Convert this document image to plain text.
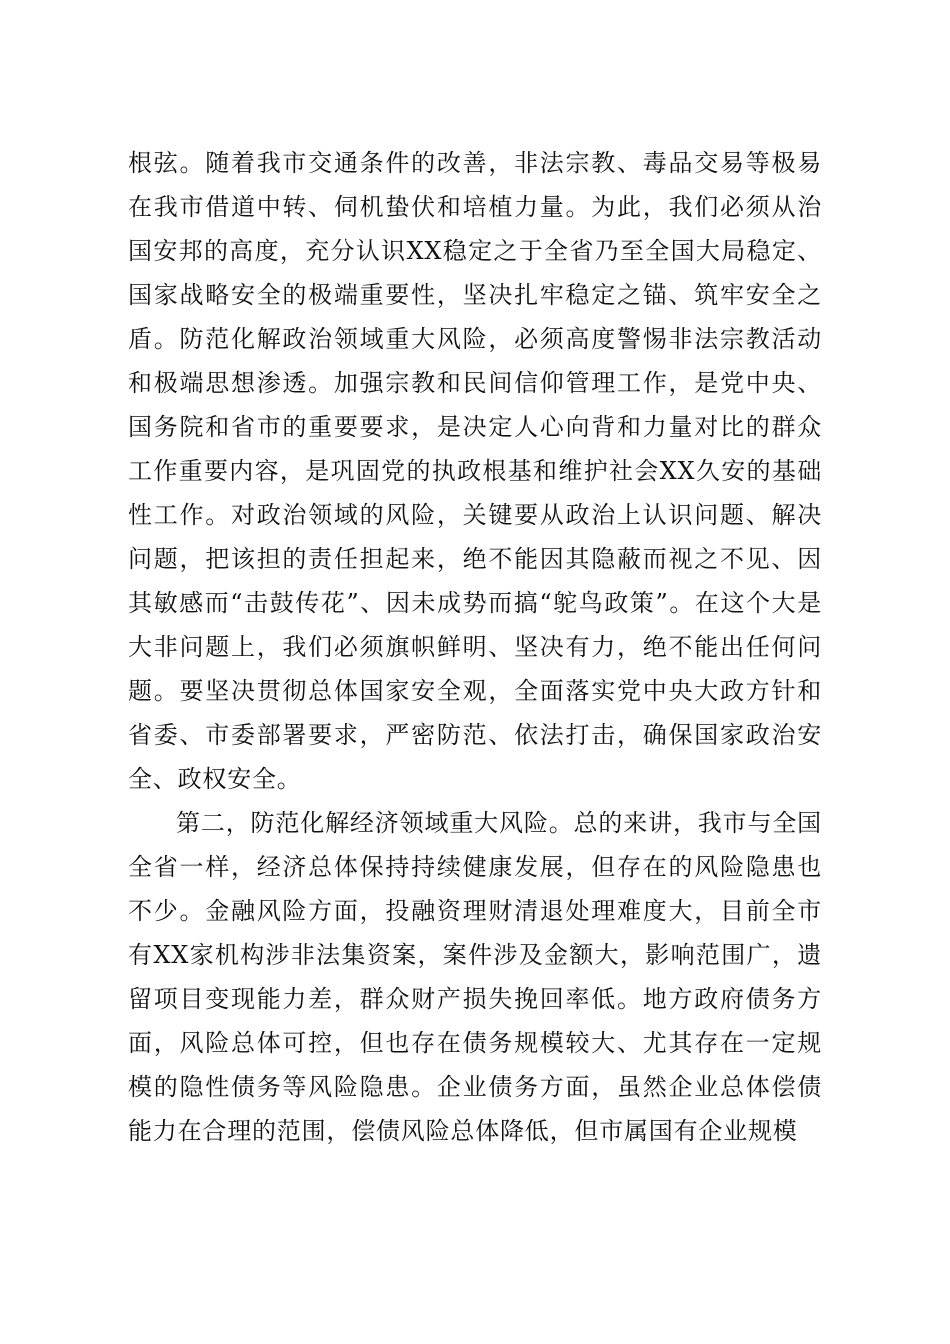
根弦。随着我市交通条件的改善，非法宗教、毒品交易等极易在我市借道中转、伺机蛰伏和培植力量。为此，我们必须从治国安邦的高度，充分认识XX稳定之于全省乃至全国大局稳定、国家战略安全的极端重要性，坚决扎牢稳定之锚、筑牢安全之盾。防范化解政治领域重大风险，必须高度警惕非法宗教活动和极端思想渗透。加强宗教和民间信仰管理工作，是党中央、国务院和省市的重要要求，是决定人心向背和力量对比的群众工作重要内容，是巩固党的执政根基和维护社会XX久安的基础性工作。对政治领域的风险，关键要从政治上认识问题、解决问题，把该担的责任担起来，绝不能因其隐蔽而视之不见、因其敏感而“击鼓传花”、因未成势而搞“鸵鸟政策”。在这个大是大非问题上，我们必须旗帜鲜明、坚决有力，绝不能出任何问题。要坚决贯彻总体国家安全观，全面落实党中央大政方针和省委、市委部署要求，严密防范、依法打击，确保国家政治安全、政权安全。

第二，防范化解经济领域重大风险。总的来讲，我市与全国全省一样，经济总体保持持续健康发展，但存在的风险隐患也不少。金融风险方面，投融资理财清退处理难度大，目前全市有XX家机构涉非法集资案，案件涉及金额大，影响范围广，遗留项目变现能力差，群众财产损失挽回率低。地方政府债务方面，风险总体可控，但也存在债务规模较大、尤其存在一定规模的隐性债务等风险隐患。企业债务方面，虽然企业总体偿债能力在合理的范围，偿债风险总体降低，但市属国有企业规模
